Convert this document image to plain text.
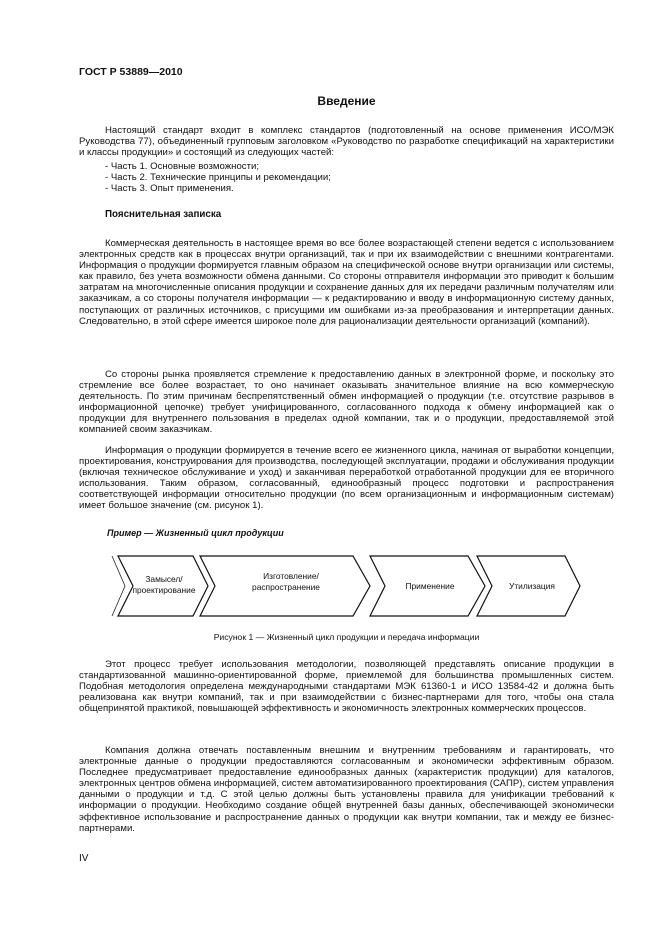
ГОСТ Р 53889—2010
Введение

Настоящий стандарт входит в комплекс стандартов (подготовленный на основе применения ИСО/МЭК Руководства 77), объединенный групповым заголовком «Руководство по разработке спецификаций на характеристики и классы продукции» и состоящий из следующих частей:

- Часть 1. Основные возможности;
- Часть 2. Технические принципы и рекомендации;
- Часть 3. Опыт применения.
Пояснительная записка

Коммерческая деятельность в настоящее время во все более возрастающей степени ведется с использованием электронных средств как в процессах внутри организаций, так и при их взаимодействии с внешними контрагентами. Информация о продукции формируется главным образом на специфической основе внутри организации или системы, как правило, без учета возможности обмена данными. Со стороны отправителя информации это приводит к большим затратам на многочисленные описания продукции и сохранение данных для их передачи различным получателям или заказчикам, а со стороны получателя информации — к редактированию и вводу в информационную систему данных, поступающих от различных источников, с присущими им ошибками из-за преобразования и интерпретации данных. Следовательно, в этой сфере имеется широкое поле для рационализации деятельности организаций (компаний).

Со стороны рынка проявляется стремление к предоставлению данных в электронной форме, и поскольку это стремление все более возрастает, то оно начинает оказывать значительное влияние на всю коммерческую деятельность. По этим причинам беспрепятственный обмен информацией о продукции (т.е. отсутствие разрывов в информационной цепочке) требует унифицированного, согласованного подхода к обмену информацией как о продукции для внутреннего пользования в пределах одной компании, так и о продукции, предоставляемой этой компанией своим заказчикам.

Информация о продукции формируется в течение всего ее жизненного цикла, начиная от выработки концепции, проектирования, конструирования для производства, последующей эксплуатации, продажи и обслуживания продукции (включая техническое обслуживание и уход) и заканчивая переработкой отработанной продукции для ее вторичного использования. Таким образом, согласованный, единообразный процесс подготовки и распространения соответствующей информации относительно продукции (по всем организационным и информационным системам) имеет большое значение (см. рисунок 1).

Пример — Жизненный цикл продукции
Замысел/
проектирование
Изготовление/
распространение	Применение	Утилизация
Рисунок 1 — Жизненный цикл продукции и передача информации

Этот процесс требует использования методологии, позволяющей представлять описание продукции в стандартизованной машинно-ориентированной форме, приемлемой для большинства промышленных систем. Подобная методология определена международными стандартами МЭК 61360-1 и ИСО 13584-42 и должна быть реализована как внутри компаний, так и при взаимодействии с бизнес-партнерами для того, чтобы она стала общепринятой практикой, повышающей эффективность и экономичность электронных коммерческих процессов.

Компания должна отвечать поставленным внешним и внутренним требованиям и гарантировать, что электронные данные о продукции предоставляются согласованным и экономически эффективным образом. Последнее предусматривает предоставление единообразных данных (характеристик продукции) для каталогов, электронных центров обмена информацией, систем автоматизированного проектирования (САПР), систем управления данными о продукции и т.д. С этой целью должны быть установлены правила для унификации требований к информации о продукции. Необходимо создание общей внутренней базы данных, обеспечивающей экономически эффективное использование и распространение данных о продукции как внутри компании, так и между ее бизнес-партнерами.

IV
